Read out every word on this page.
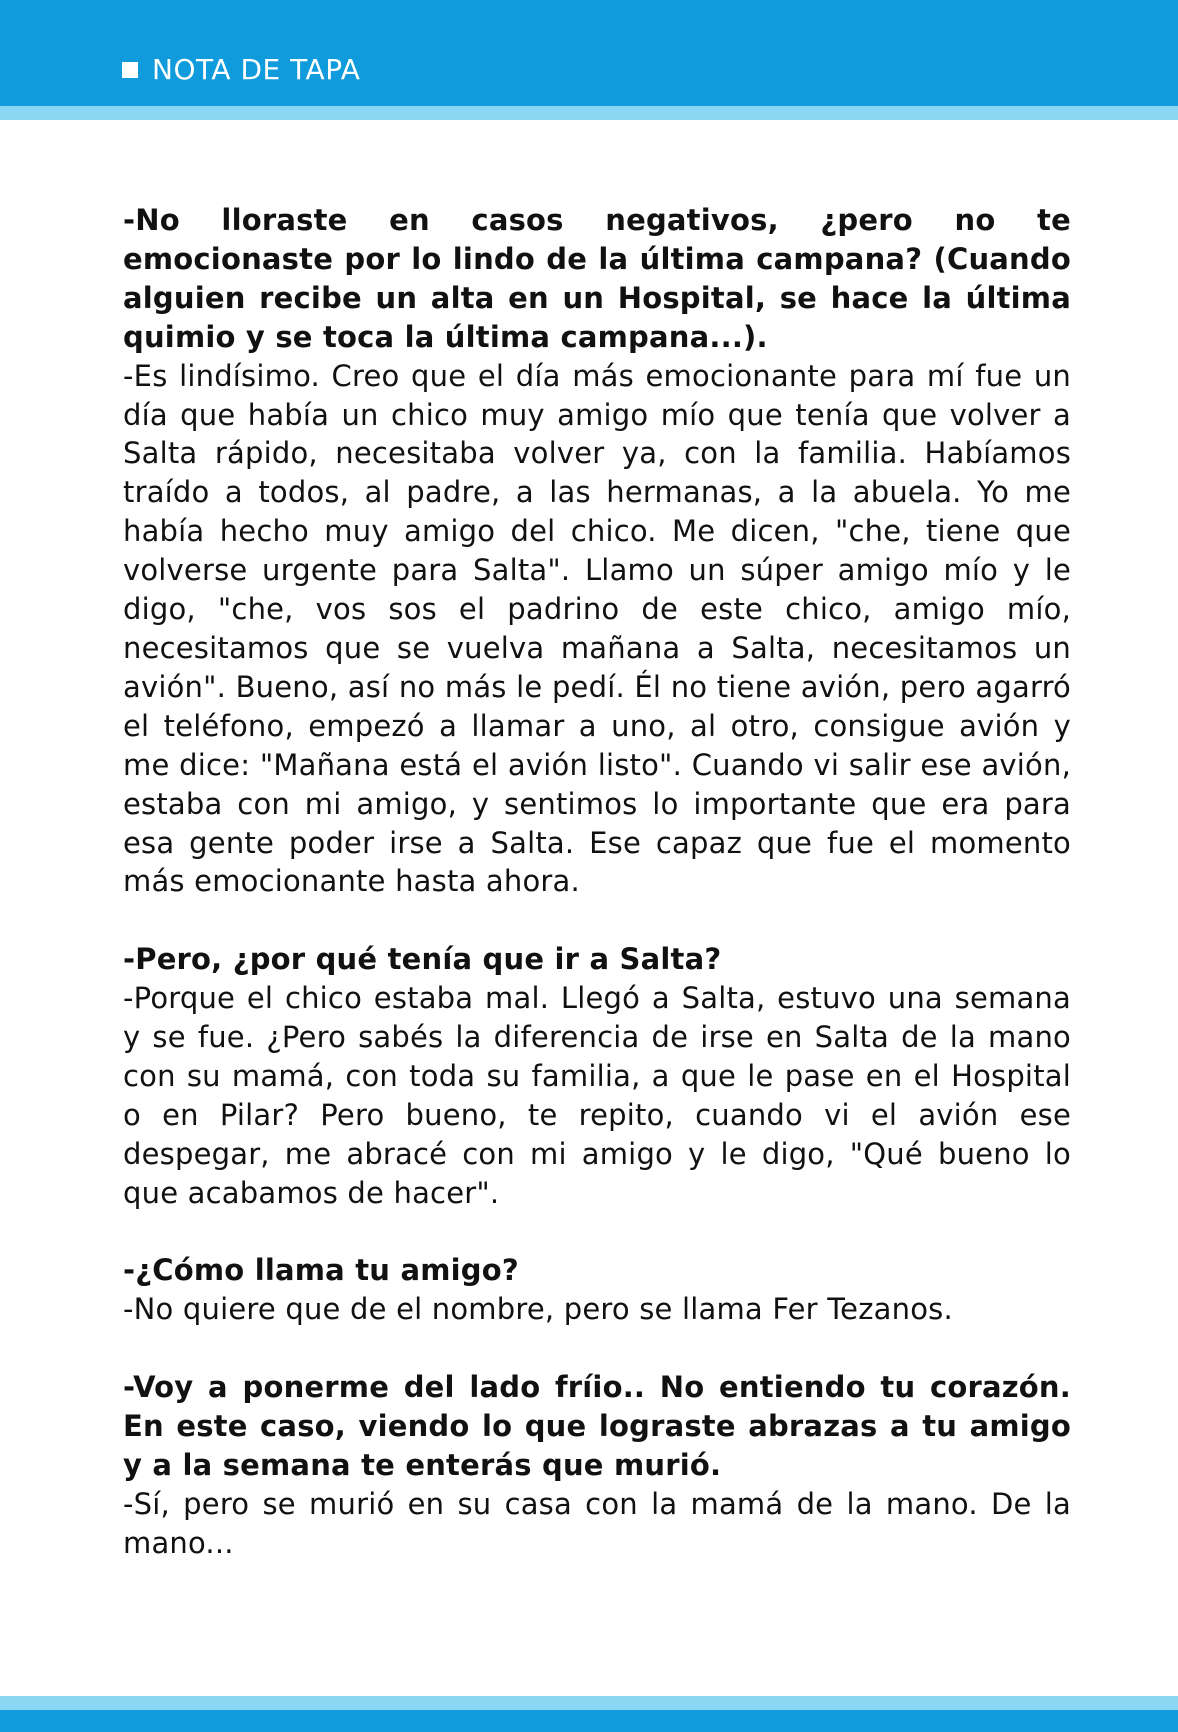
NOTA DE TAPA

-No lloraste en casos negativos, ¿pero no te emocionaste por lo lindo de la última campana? (Cuando alguien recibe un alta en un Hospital, se hace la última quimio y se toca la última campana...).

-Es lindísimo. Creo que el día más emocionante para mí fue un día que había un chico muy amigo mío que tenía que volver a Salta rápido, necesitaba volver ya, con la familia. Habíamos traído a todos, al padre, a las hermanas, a la abuela. Yo me había hecho muy amigo del chico. Me dicen, "che, tiene que volverse urgente para Salta". Llamo un súper amigo mío y le digo, "che, vos sos el padrino de este chico, amigo mío, necesitamos que se vuelva mañana a Salta, necesitamos un avión". Bueno, así no más le pedí. Él no tiene avión, pero agarró el teléfono, empezó a llamar a uno, al otro, consigue avión y me dice: "Mañana está el avión listo". Cuando vi salir ese avión, estaba con mi amigo, y sentimos lo importante que era para esa gente poder irse a Salta. Ese capaz que fue el momento más emocionante hasta ahora.

-Pero, ¿por qué tenía que ir a Salta?

-Porque el chico estaba mal. Llegó a Salta, estuvo una semana y se fue. ¿Pero sabés la diferencia de irse en Salta de la mano con su mamá, con toda su familia, a que le pase en el Hospital o en Pilar? Pero bueno, te repito, cuando vi el avión ese despegar, me abracé con mi amigo y le digo, "Qué bueno lo que acabamos de hacer".

-¿Cómo llama tu amigo?

-No quiere que de el nombre, pero se llama Fer Tezanos.

-Voy a ponerme del lado fríio.. No entiendo tu corazón. En este caso, viendo lo que lograste abrazas a tu amigo y a la semana te enterás que murió.

-Sí, pero se murió en su casa con la mamá de la mano. De la mano...
